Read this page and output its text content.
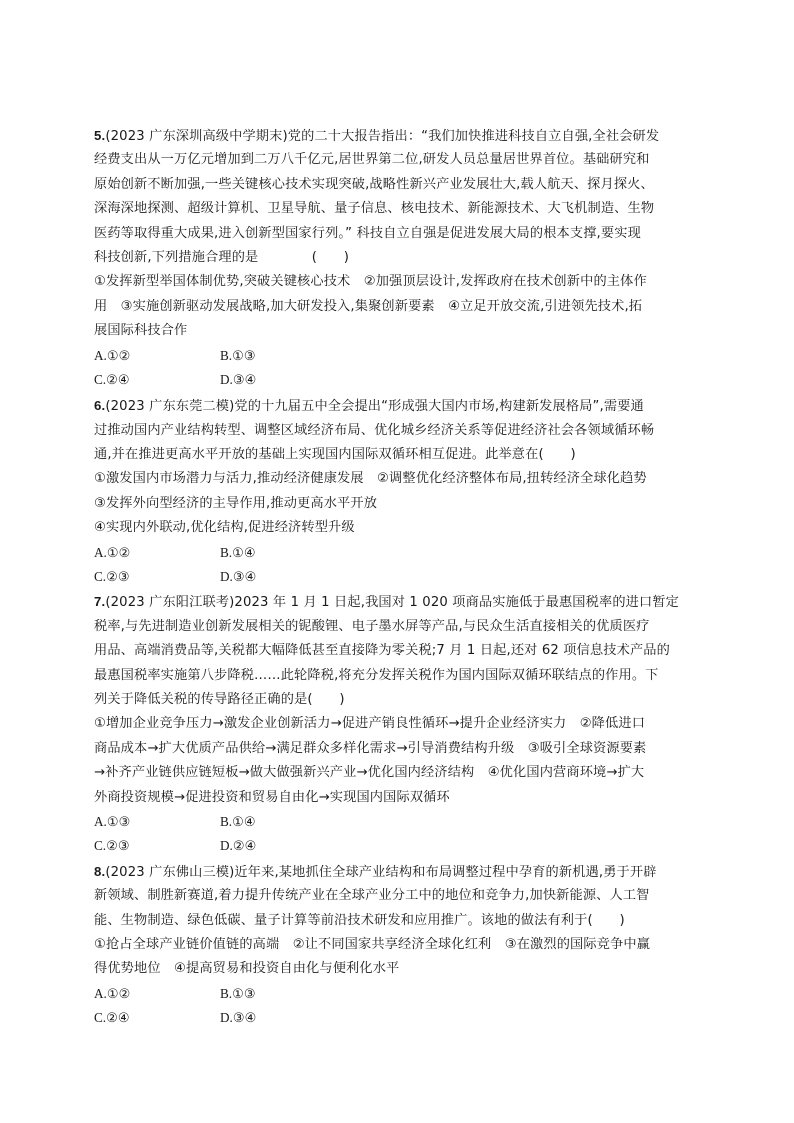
5.(2023 广东深圳高级中学期末)党的二十大报告指出：“我们加快推进科技自立自强,全社会研发
经费支出从一万亿元增加到二万八千亿元,居世界第二位,研发人员总量居世界首位。基础研究和
原始创新不断加强,一些关键核心技术实现突破,战略性新兴产业发展壮大,载人航天、探月探火、
深海深地探测、超级计算机、卫星导航、量子信息、核电技术、新能源技术、大飞机制造、生物
医药等取得重大成果,进入创新型国家行列。” 科技自立自强是促进发展大局的根本支撑,要实现
科技创新,下列措施合理的是　　　　(　　)
①发挥新型举国体制优势,突破关键核心技术　②加强顶层设计,发挥政府在技术创新中的主体作
用　③实施创新驱动发展战略,加大研发投入,集聚创新要素　④立足开放交流,引进领先技术,拓
展国际科技合作
A.①②	B.①③
C.②④	D.③④
6.(2023 广东东莞二模)党的十九届五中全会提出“形成强大国内市场,构建新发展格局”,需要通
过推动国内产业结构转型、调整区域经济布局、优化城乡经济关系等促进经济社会各领域循环畅
通,并在推进更高水平开放的基础上实现国内国际双循环相互促进。此举意在(　　)
①激发国内市场潜力与活力,推动经济健康发展　②调整优化经济整体布局,扭转经济全球化趋势
③发挥外向型经济的主导作用,推动更高水平开放
④实现内外联动,优化结构,促进经济转型升级
A.①②	B.①④
C.②③	D.③④
7.(2023 广东阳江联考)2023 年 1 月 1 日起,我国对 1 020 项商品实施低于最惠国税率的进口暂定
税率,与先进制造业创新发展相关的铌酸锂、电子墨水屏等产品,与民众生活直接相关的优质医疗
用品、高端消费品等,关税都大幅降低甚至直接降为零关税;7 月 1 日起,还对 62 项信息技术产品的
最惠国税率实施第八步降税……此轮降税,将充分发挥关税作为国内国际双循环联结点的作用。下
列关于降低关税的传导路径正确的是(　　)
①增加企业竞争压力→激发企业创新活力→促进产销良性循环→提升企业经济实力　②降低进口
商品成本→扩大优质产品供给→满足群众多样化需求→引导消费结构升级　③吸引全球资源要素
→补齐产业链供应链短板→做大做强新兴产业→优化国内经济结构　④优化国内营商环境→扩大
外商投资规模→促进投资和贸易自由化→实现国内国际双循环
A.①③	B.①④
C.②③	D.②④
8.(2023 广东佛山三模)近年来,某地抓住全球产业结构和布局调整过程中孕育的新机遇,勇于开辟
新领域、制胜新赛道,着力提升传统产业在全球产业分工中的地位和竞争力,加快新能源、人工智
能、生物制造、绿色低碳、量子计算等前沿技术研发和应用推广。该地的做法有利于(　　)
①抢占全球产业链价值链的高端　②让不同国家共享经济全球化红利　③在激烈的国际竞争中赢
得优势地位　④提高贸易和投资自由化与便利化水平
A.①②	B.①③
C.②④	D.③④
